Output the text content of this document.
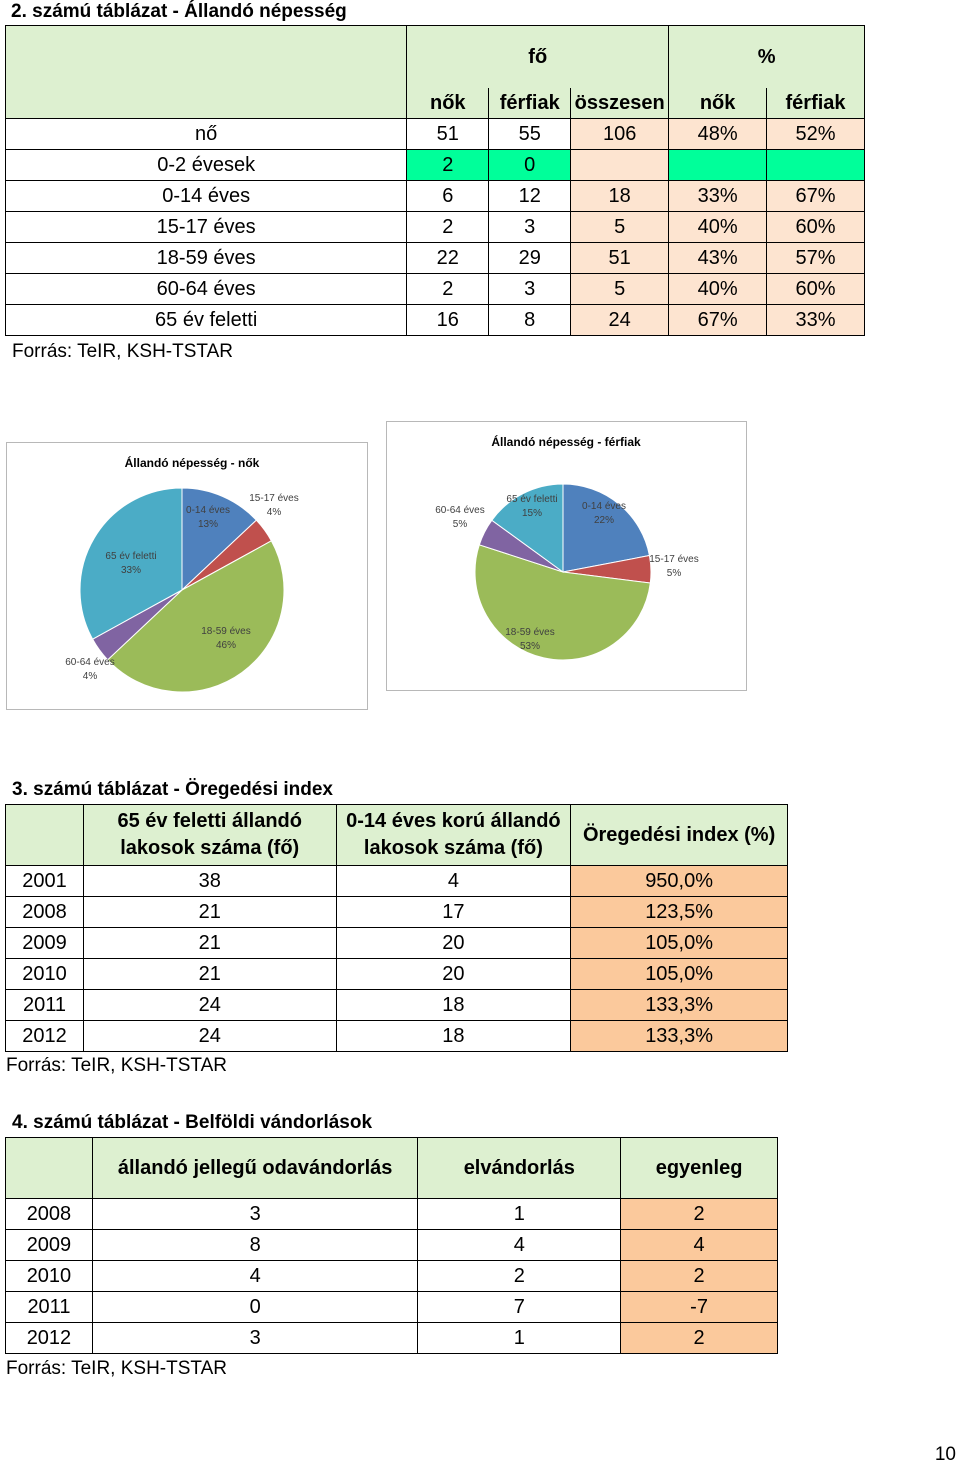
2. számú táblázat - Állandó népesség
	fő			%	
	nők	férfiak	összesen	nők	férfiak
nő	51	55	106	48%	52%
0-2 évesek	2	0			
0-14 éves	6	12	18	33%	67%
15-17 éves	2	3	5	40%	60%
18-59 éves	22	29	51	43%	57%
60-64 éves	2	3	5	40%	60%
65 év feletti	16	8	24	67%	33%
Forrás: TeIR, KSH-TSTAR
Állandó népesség - nők
0-14 éves 13%
15-17 éves 4%
18-59 éves 46%
60-64 éves 4%
65 év feletti 33%
Állandó népesség - férfiak
0-14 éves 22%
15-17 éves 5%
18-59 éves 53%
60-64 éves 5%
65 év feletti 15%
3. számú táblázat - Öregedési index
	65 év feletti állandó
lakosok száma (fő)	0-14 éves korú állandó
lakosok száma (fő)	Öregedési index (%)
2001	38	4	950,0%
2008	21	17	123,5%
2009	21	20	105,0%
2010	21	20	105,0%
2011	24	18	133,3%
2012	24	18	133,3%
Forrás: TeIR, KSH-TSTAR
4. számú táblázat - Belföldi vándorlások
	állandó jellegű odavándorlás	elvándorlás	egyenleg
2008	3	1	2
2009	8	4	4
2010	4	2	2
2011	0	7	-7
2012	3	1	2
Forrás: TeIR, KSH-TSTAR
10
